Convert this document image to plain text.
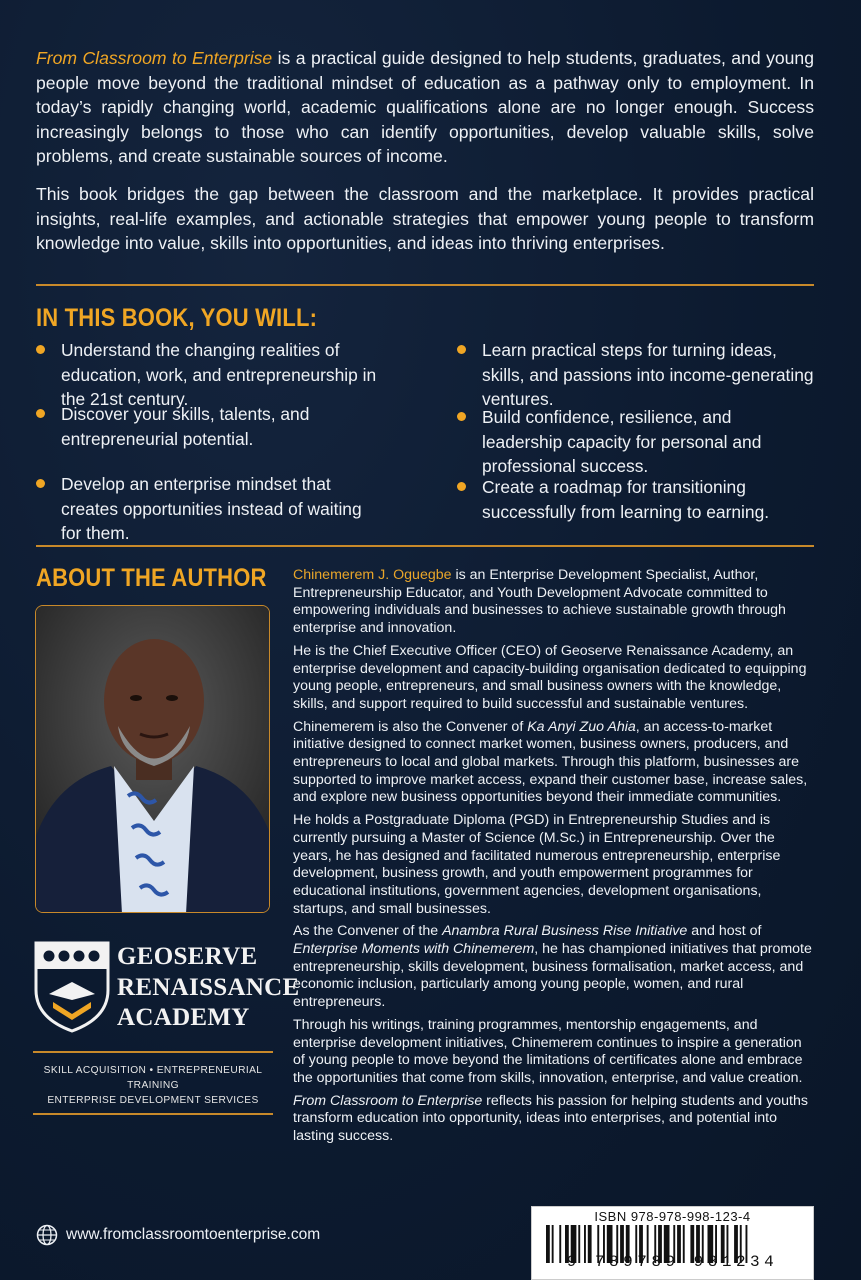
From Classroom to Enterprise is a practical guide designed to help students, graduates, and young people move beyond the traditional mindset of education as a pathway only to employment. In today’s rapidly changing world, academic qualifications alone are no longer enough. Success increasingly belongs to those who can identify opportunities, develop valuable skills, solve problems, and create sustainable sources of income.

This book bridges the gap between the classroom and the marketplace. It provides practical insights, real-life examples, and actionable strategies that empower young people to transform knowledge into value, skills into opportunities, and ideas into thriving enterprises.

IN THIS BOOK, YOU WILL:
Understand the changing realities of education, work, and entrepreneurship in the 21st century.
Discover your skills, talents, and entrepreneurial potential.
Develop an enterprise mindset that creates opportunities instead of waiting for them.
Learn practical steps for turning ideas, skills, and passions into income-generating ventures.
Build confidence, resilience, and leadership capacity for personal and professional success.
Create a roadmap for transitioning successfully from learning to earning.
ABOUT THE AUTHOR Chinemerem J. Oguegbe is an Enterprise Development Specialist, Author, Entrepreneurship Educator, and Youth Development Advocate committed to empowering individuals and businesses to achieve sustainable growth through enterprise and innovation.

He is the Chief Executive Officer (CEO) of Geoserve Renaissance Academy, an enterprise development and capacity-building organisation dedicated to equipping young people, entrepreneurs, and small business owners with the knowledge, skills, and support required to build successful and sustainable ventures.

Chinemerem is also the Convener of Ka Anyi Zuo Ahia, an access-to-market initiative designed to connect market women, business owners, producers, and entrepreneurs to local and global markets. Through this platform, businesses are supported to improve market access, expand their customer base, increase sales, and explore new business opportunities beyond their immediate communities.

He holds a Postgraduate Diploma (PGD) in Entrepreneurship Studies and is currently pursuing a Master of Science (M.Sc.) in Entrepreneurship. Over the years, he has designed and facilitated numerous entrepreneurship, enterprise development, business growth, and youth empowerment programmes for educational institutions, government agencies, development organisations, startups, and small businesses.

As the Convener of the Anambra Rural Business Rise Initiative and host of Enterprise Moments with Chinemerem, he has championed initiatives that promote entrepreneurship, skills development, business formalisation, market access, and economic inclusion, particularly among young people, women, and rural entrepreneurs.

Through his writings, training programmes, mentorship engagements, and enterprise development initiatives, Chinemerem continues to inspire a generation of young people to move beyond the limitations of certificates alone and embrace the opportunities that come from skills, innovation, enterprise, and value creation.

From Classroom to Enterprise reflects his passion for helping students and youths transform education into opportunity, ideas into enterprises, and potential into lasting success.

GEOSERVE
RENAISSANCE
ACADEMY
SKILL ACQUISITION • ENTREPRENEURIAL TRAINING
ENTERPRISE DEVELOPMENT SERVICES
www.fromclassroomtoenterprise.com
ISBN 978-978-998-123-4
9 789789 981234
